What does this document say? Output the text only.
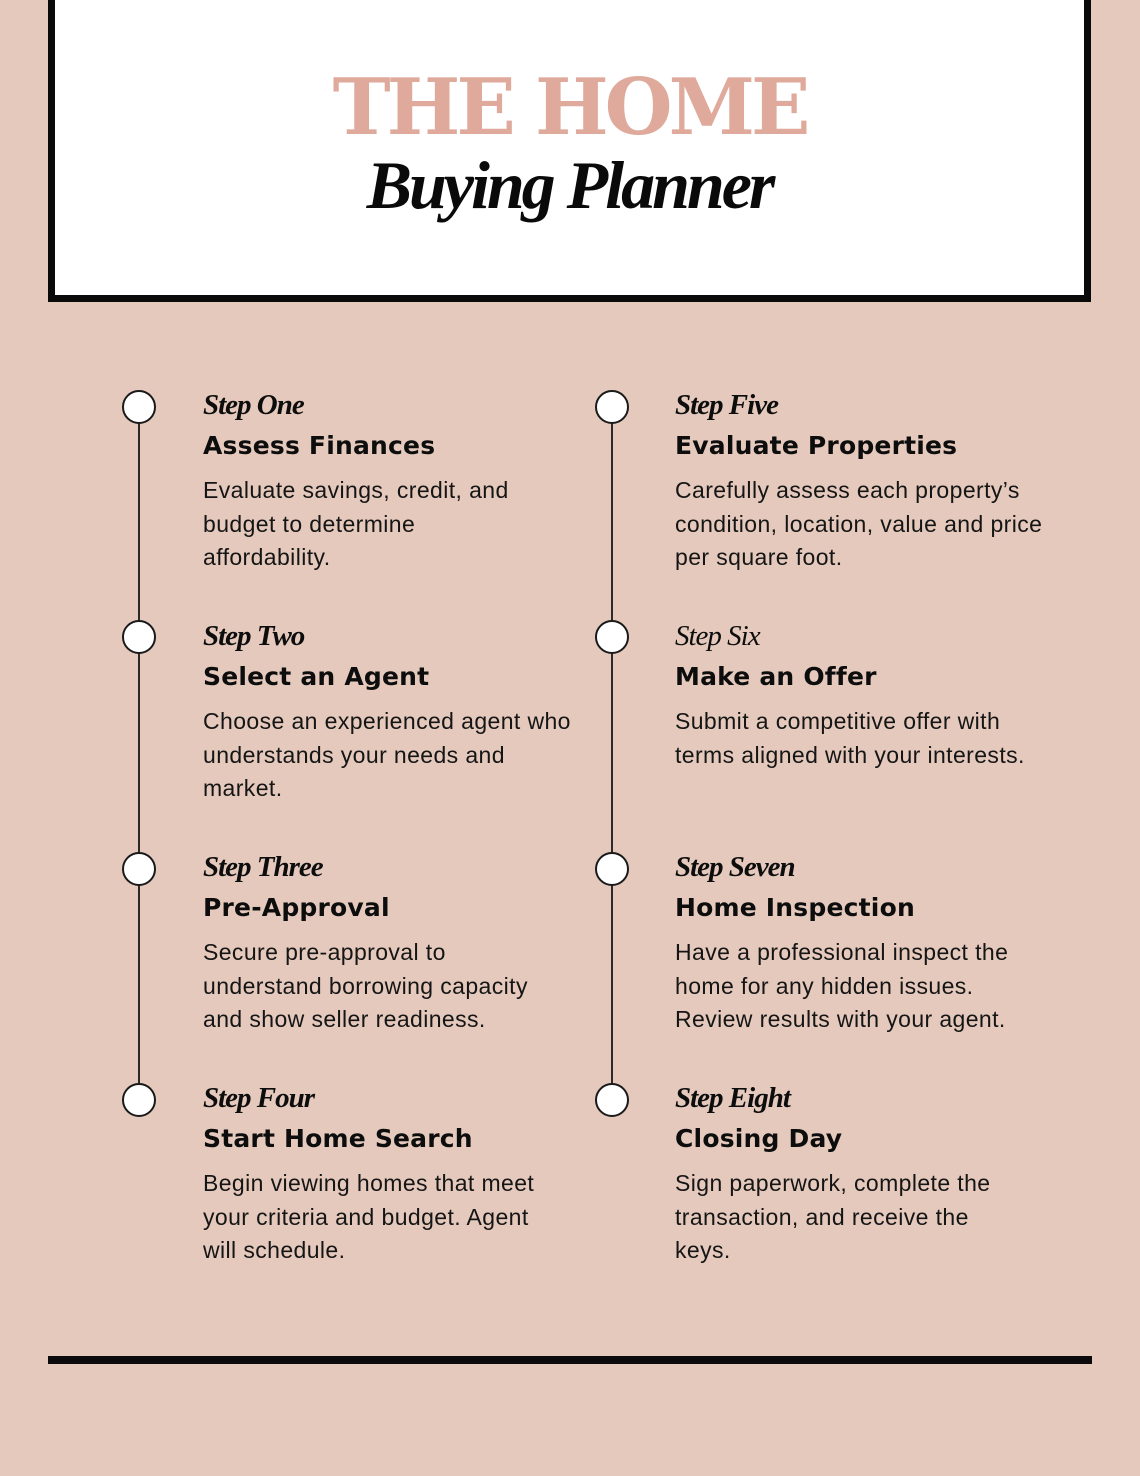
THE HOME
Buying Planner
Step One
Assess Finances
Evaluate savings, credit, and budget to determine affordability.
Step Two
Select an Agent
Choose an experienced agent who understands your needs and market.
Step Three
Pre-Approval
Secure pre-approval to understand borrowing capacity and show seller readiness.
Step Four
Start Home Search
Begin viewing homes that meet your criteria and budget. Agent will schedule.
Step Five
Evaluate Properties
Carefully assess each property’s condition, location, value and price per square foot.
Step Six
Make an Offer
Submit a competitive offer with terms aligned with your interests.
Step Seven
Home Inspection
Have a professional inspect the home for any hidden issues. Review results with your agent.
Step Eight
Closing Day
Sign paperwork, complete the transaction, and receive the keys.
